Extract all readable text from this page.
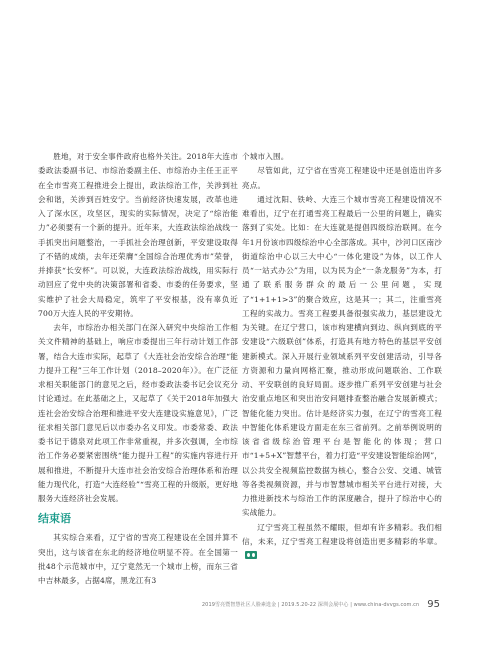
胜地，对于安全事件政府也格外关注。2018年大连市委政法委副书记、市综治委副主任、市综治办主任王正平在全市雪亮工程推进会上提出，政法综治工作，关涉到社会和谐，关涉到百姓安宁。当前经济快速发展，改革也进入了深水区，攻坚区，现实的实际情况，决定了“综治能力”必须要有一个新的提升。近年来，大连政法综治战线一手抓突出问题整治，一手抓社会治理创新，平安建设取得了不错的成绩，去年还荣膺“全国综合治理优秀市”荣誉，并捧获“长安杯”。可以说，大连政法综治战线，用实际行动回应了党中央的决策部署和省委、市委的任务要求，坚实维护了社会大局稳定，筑牢了平安根基，没有辜负近700万大连人民的平安期待。

去年，市综治办相关部门在深入研究中央综治工作相关文件精神的基础上，响应市委提出三年行动计划工作部署，结合大连市实际，起草了《大连社会治安综合治理“能力提升工程”三年工作计划（2018–2020年）》。在广泛征求相关职能部门的意见之后，经市委政法委书记会议充分讨论通过。在此基础之上，又起草了《关于2018年加强大连社会治安综合治理和推进平安大连建设实施意见》，广泛征求相关部门意见后以市委办名义印发。市委常委、政法委书记于德泉对此项工作非常重视，并多次强调，全市综治工作务必要紧密围绕“能力提升工程”的实施内容进行开展和推进，不断提升大连市社会治安综合治理体系和治理能力现代化，打造“大连经验”“雪亮工程的升级版，更好地服务大连经济社会发展。

结束语

其实综合来看，辽宁省的雪亮工程建设在全国并算不突出，这与该省在东北的经济地位明显不符。在全国第一批48个示范城市中，辽宁竟然无一个城市上榜，而东三省中吉林最多，占据4席，黑龙江有3

个城市入围。

尽管如此，辽宁省在雪亮工程建设中还是创造出许多亮点。

通过沈阳、铁岭、大连三个城市雪亮工程建设情况不难看出，辽宁在打通雪亮工程最后一公里的问题上，确实落到了实处。比如：在大连就是提倡四级综治联网。在今年1月份该市四级综治中心全部落成。其中，沙河口区南沙街道综治中心以三大中心“一体化建设”为体，以工作人员“一站式办公”为用，以为民为企“一条龙服务”为本，打通了联系服务群众的最后一公里问题，实现了“1+1+1>3”的聚合效应，这是其一；其二，注重雪亮工程的实战力。雪亮工程要具备很强实战力，基层建设尤为关键。在辽宁营口，该市构建横向到边、纵向到底的平安建设“六级联创”体系，打造具有地方特色的基层平安创建新模式。深入开展行业领域系列平安创建活动，引导各方资源和力量向网格汇聚，推动形成问题联治、工作联动、平安联创的良好局面。逐步推广系列平安创建与社会治安重点地区和突出治安问题排查整治融合发展新模式；智能化能力突出。估计是经济实力强，在辽宁的雪亮工程中智能化体系建设方面走在东三省前列。之前举例说明的该省省级综治管理平台是智能化的体现；营口市“1+5+X”智慧平台，着力打造“平安建设智能综治网”，以公共安全视频监控数据为核心，整合公安、交通、城管等各类视频资源，并与市智慧城市相关平台进行对接，大力推进新技术与综治工作的深度融合，提升了综治中心的实战能力。

辽宁雪亮工程虽然不耀眼，但却有许多精彩。我们相信，未来，辽宁雪亮工程建设将创造出更多精彩的华章。

2019雪亮暨智慧社区人脸素选金 | 2019.5.20-22 深圳会展中心 | www.china-dvvgs.com.cn 95
